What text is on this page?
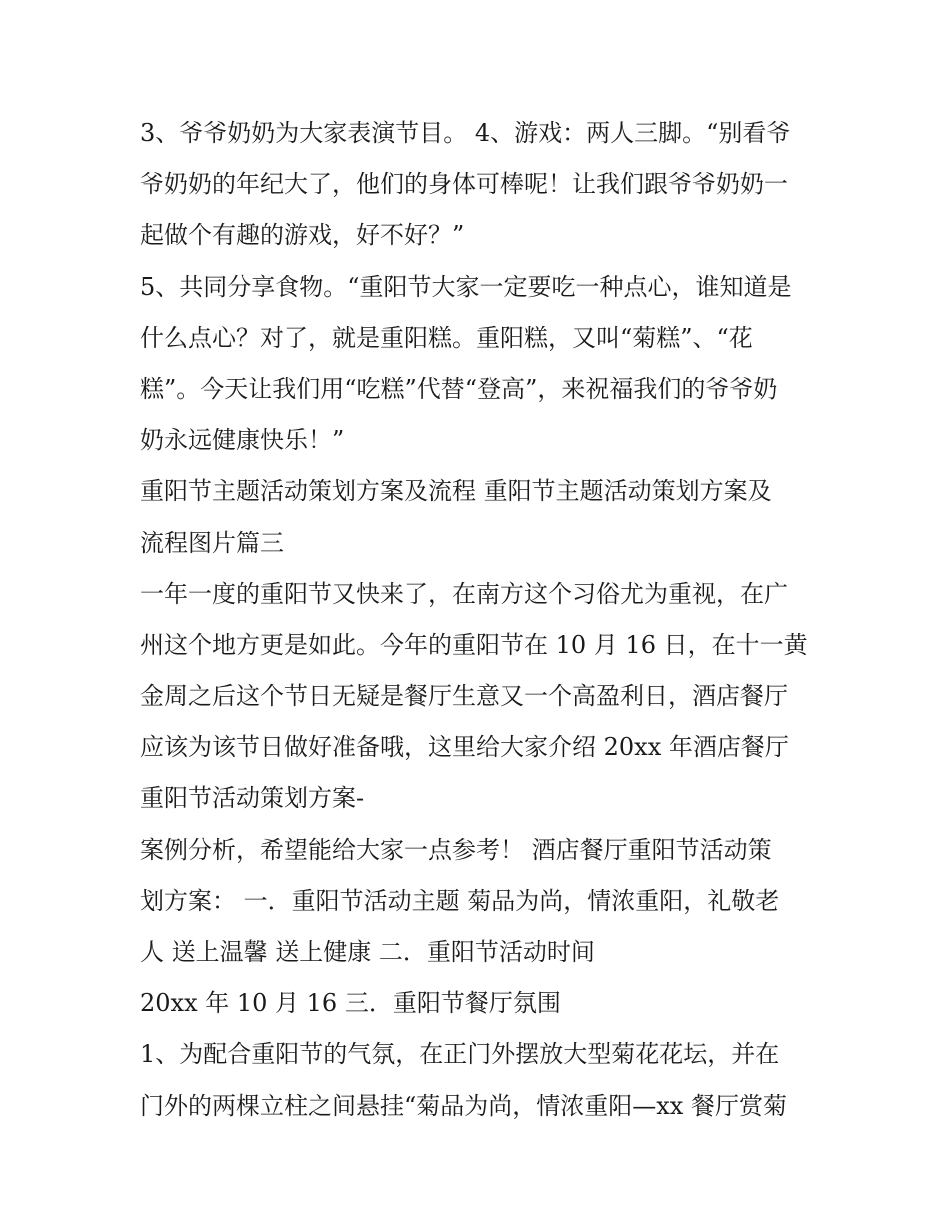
3、爷爷奶奶为大家表演节目。 4、游戏：两人三脚。“别看爷
爷奶奶的年纪大了，他们的身体可棒呢！让我们跟爷爷奶奶一
起做个有趣的游戏，好不好？”
5、共同分享食物。“重阳节大家一定要吃一种点心，谁知道是
什么点心？对了，就是重阳糕。重阳糕，又叫“菊糕”、“花
糕”。今天让我们用“吃糕”代替“登高”，来祝福我们的爷爷奶
奶永远健康快乐！”
重阳节主题活动策划方案及流程 重阳节主题活动策划方案及
流程图片篇三
一年一度的重阳节又快来了，在南方这个习俗尤为重视，在广
州这个地方更是如此。今年的重阳节在 10 月 16 日，在十一黄
金周之后这个节日无疑是餐厅生意又一个高盈利日，酒店餐厅
应该为该节日做好准备哦，这里给大家介绍 20xx 年酒店餐厅
重阳节活动策划方案-
案例分析，希望能给大家一点参考！ 酒店餐厅重阳节活动策
划方案： 一．重阳节活动主题 菊品为尚，情浓重阳，礼敬老
人 送上温馨 送上健康 二．重阳节活动时间
20xx 年 10 月 16 三．重阳节餐厅氛围
1、为配合重阳节的气氛，在正门外摆放大型菊花花坛，并在
门外的两棵立柱之间悬挂“菊品为尚，情浓重阳—xx 餐厅赏菊
